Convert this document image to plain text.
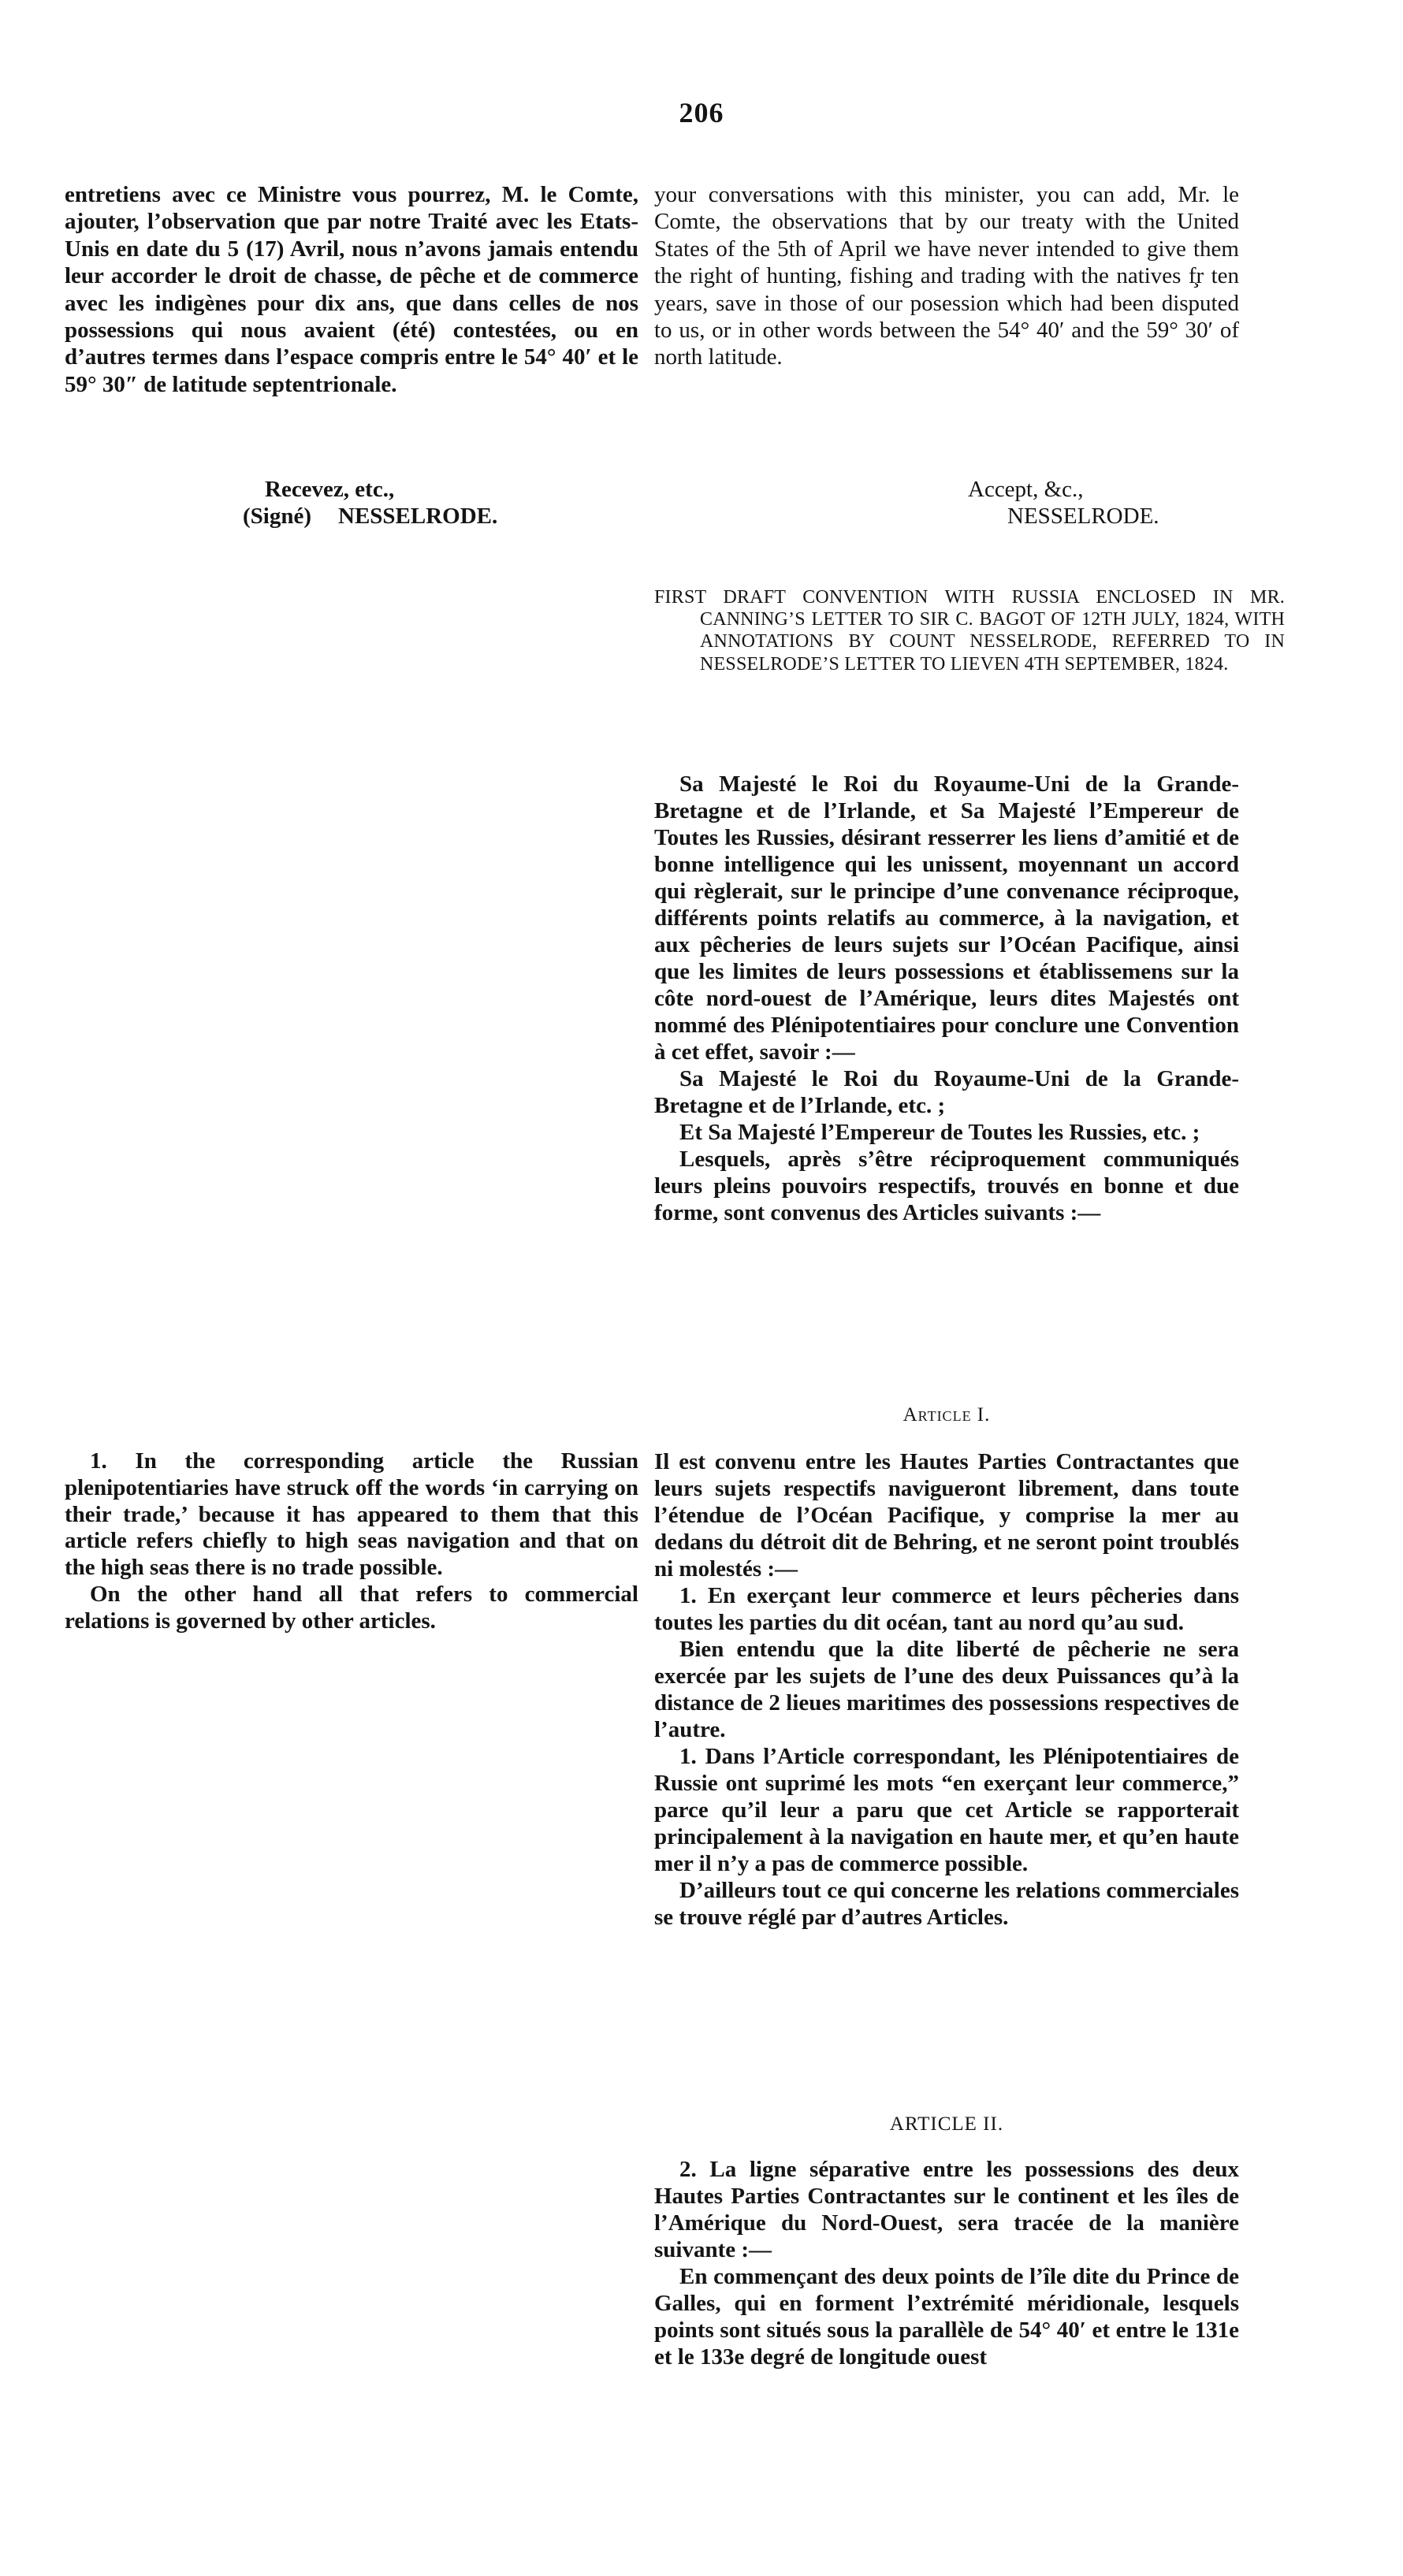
206

entretiens avec ce Ministre vous pourrez, M. le Comte, ajouter, l’observation que par notre Traité avec les Etats-Unis en date du 5 (17) Avril, nous n’avons jamais entendu leur accorder le droit de chasse, de pêche et de commerce avec les indigènes pour dix ans, que dans celles de nos possessions qui nous avaient (été) contestées, ou en d’autres termes dans l’espace compris entre le 54° 40′ et le 59° 30″ de latitude septentrionale.

Recevez, etc.,
(Signé) NESSELRODE.

your conversations with this minister, you can add, Mr. le Comte, the observations that by our treaty with the United States of the 5th of April we have never intended to give them the right of hunting, fishing and trading with the natives f̧r ten years, save in those of our posession which had been disputed to us, or in other words between the 54° 40′ and the 59° 30′ of north latitude.

Accept, &c.,
NESSELRODE.
FIRST DRAFT CONVENTION WITH RUSSIA ENCLOSED IN MR. CANNING’S LETTER TO SIR C. BAGOT OF 12TH JULY, 1824, WITH ANNOTATIONS BY COUNT NESSELRODE, REFERRED TO IN NESSELRODE’S LETTER TO LIEVEN 4TH SEPTEMBER, 1824.

Sa Majesté le Roi du Royaume-Uni de la Grande-Bretagne et de l’Irlande, et Sa Majesté l’Empereur de Toutes les Russies, désirant resserrer les liens d’amitié et de bonne intelligence qui les unissent, moyennant un accord qui règlerait, sur le principe d’une convenance réciproque, différents points relatifs au commerce, à la navigation, et aux pêcheries de leurs sujets sur l’Océan Pacifique, ainsi que les limites de leurs possessions et établissemens sur la côte nord-ouest de l’Amérique, leurs dites Majestés ont nommé des Plénipotentiaires pour conclure une Convention à cet effet, savoir :—

Sa Majesté le Roi du Royaume-Uni de la Grande-Bretagne et de l’Irlande, etc. ;

Et Sa Majesté l’Empereur de Toutes les Russies, etc. ;

Lesquels, après s’être réciproquement communiqués leurs pleins pouvoirs respectifs, trouvés en bonne et due forme, sont convenus des Articles suivants :—

Article I.

Il est convenu entre les Hautes Parties Contractantes que leurs sujets respectifs navigueront librement, dans toute l’étendue de l’Océan Pacifique, y comprise la mer au dedans du détroit dit de Behring, et ne seront point troublés ni molestés :—

1. En exerçant leur commerce et leurs pêcheries dans toutes les parties du dit océan, tant au nord qu’au sud.

Bien entendu que la dite liberté de pêcherie ne sera exercée par les sujets de l’une des deux Puissances qu’à la distance de 2 lieues maritimes des possessions respectives de l’autre.

1. Dans l’Article correspondant, les Plénipotentiaires de Russie ont suprimé les mots “en exerçant leur commerce,” parce qu’il leur a paru que cet Article se rapporterait principalement à la navigation en haute mer, et qu’en haute mer il n’y a pas de commerce possible.

D’ailleurs tout ce qui concerne les relations commerciales se trouve réglé par d’autres Articles.

1. In the corresponding article the Russian plenipotentiaries have struck off the words ‘in carrying on their trade,’ because it has appeared to them that this article refers chiefly to high seas navigation and that on the high seas there is no trade possible.

On the other hand all that refers to commercial relations is governed by other articles.

ARTICLE II.

2. La ligne séparative entre les possessions des deux Hautes Parties Contractantes sur le continent et les îles de l’Amérique du Nord-Ouest, sera tracée de la manière suivante :—

En commençant des deux points de l’île dite du Prince de Galles, qui en forment l’extrémité méridionale, lesquels points sont situés sous la parallèle de 54° 40′ et entre le 131e et le 133e degré de longitude ouest
